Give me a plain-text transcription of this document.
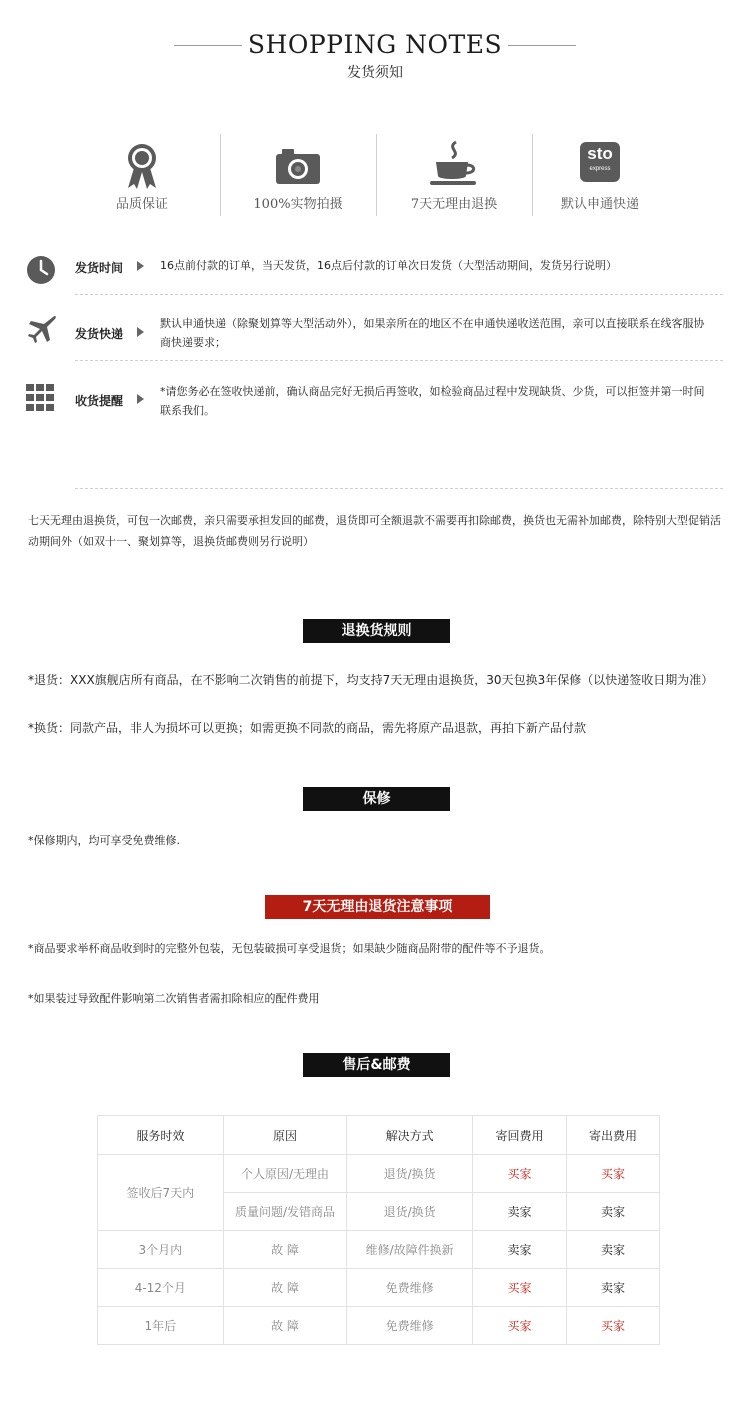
SHOPPING NOTES
发货须知
品质保证	100%实物拍摄	7天无理由退换
sto
express
默认申通快递
发货时间	16点前付款的订单，当天发货，16点后付款的订单次日发货（大型活动期间，发货另行说明）
发货快递
默认申通快递（除聚划算等大型活动外），如果亲所在的地区不在申通快递收送范围，亲可以直接联系在线客服协商快递要求；
收货提醒
*请您务必在签收快递前，确认商品完好无损后再签收，如检验商品过程中发现缺货、少货，可以拒签并第一时间联系我们。
七天无理由退换货，可包一次邮费，亲只需要承担发回的邮费，退货即可全额退款不需要再扣除邮费，换货也无需补加邮费，除特别大型促销活动期间外（如双十一、聚划算等，退换货邮费则另行说明）
退换货规则
*退货：XXX旗舰店所有商品，在不影响二次销售的前提下，均支持7天无理由退换货，30天包换3年保修（以快递签收日期为准）
*换货：同款产品，非人为损坏可以更换；如需更换不同款的商品，需先将原产品退款，再拍下新产品付款
保修
*保修期内，均可享受免费维修.
7天无理由退货注意事项
*商品要求举杯商品收到时的完整外包装，无包装破损可享受退货；如果缺少随商品附带的配件等不予退货。
*如果装过导致配件影响第二次销售者需扣除相应的配件费用
售后&邮费
服务时效	原因	解决方式	寄回费用	寄出费用
签收后7天内	个人原因/无理由	退货/换货	买家	买家
	质量问题/发错商品	退货/换货	卖家	卖家
3个月内	故 障	维修/故障件换新	卖家	卖家
4-12个月	故 障	免费维修	买家	卖家
1年后	故 障	免费维修	买家	买家
